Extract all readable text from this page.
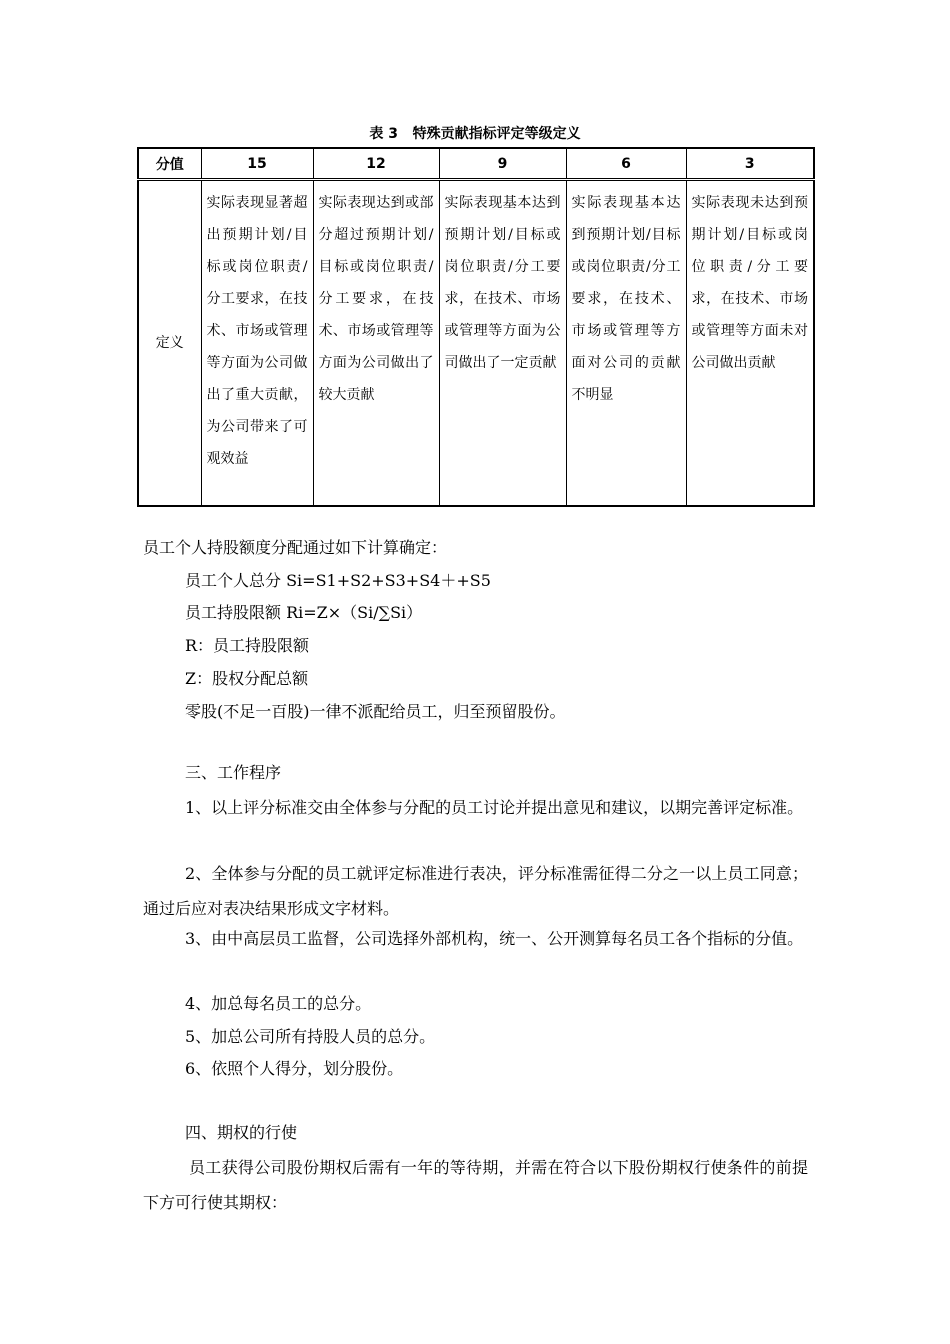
表 3   特殊贡献指标评定等级定义
分值	15	12	9	6	3
定义	实际表现显著超出预期计划/目标或岗位职责/分工要求，在技术、市场或管理等方面为公司做出了重大贡献，为公司带来了可观效益	实际表现达到或部分超过预期计划/目标或岗位职责/分工要求，在技术、市场或管理等方面为公司做出了较大贡献	实际表现基本达到预期计划/目标或岗位职责/分工要求，在技术、市场或管理等方面为公司做出了一定贡献	实际表现基本达到预期计划/目标或岗位职责/分工要求，在技术、市场或管理等方面对公司的贡献不明显	实际表现未达到预期计划/目标或岗位职责/分工要求，在技术、市场或管理等方面未对公司做出贡献
员工个人持股额度分配通过如下计算确定：
员工个人总分 Si=S1+S2+S3+S4＋+S5
员工持股限额 Ri=Z×（Si/∑Si）
R：员工持股限额
Z：股权分配总额
零股(不足一百股)一律不派配给员工，归至预留股份。
三、工作程序
1、以上评分标准交由全体参与分配的员工讨论并提出意见和建议，以期完善评定标准。
2、全体参与分配的员工就评定标准进行表决，评分标准需征得二分之一以上员工同意；通过后应对表决结果形成文字材料。
3、由中高层员工监督，公司选择外部机构，统一、公开测算每名员工各个指标的分值。
4、加总每名员工的总分。
5、加总公司所有持股人员的总分。
6、依照个人得分，划分股份。
四、期权的行使
员工获得公司股份期权后需有一年的等待期，并需在符合以下股份期权行使条件的前提下方可行使其期权：
